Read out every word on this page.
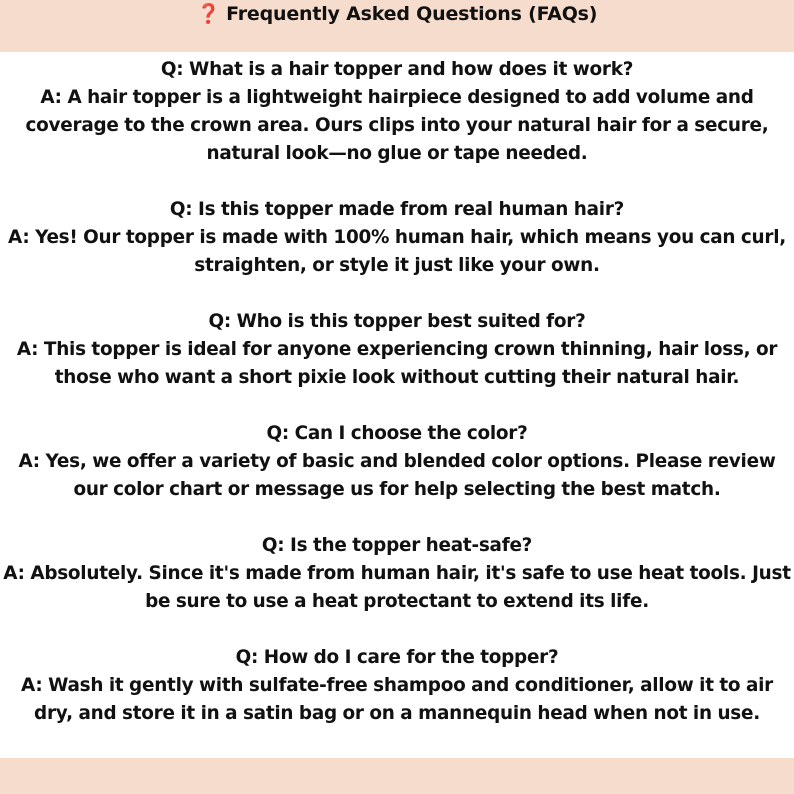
❓ Frequently Asked Questions (FAQs)
Q: What is a hair topper and how does it work?
A: A hair topper is a lightweight hairpiece designed to add volume and coverage to the crown area. Ours clips into your natural hair for a secure, natural look—no glue or tape needed.
Q: Is this topper made from real human hair?
A: Yes! Our topper is made with 100% human hair, which means you can curl, straighten, or style it just like your own.
Q: Who is this topper best suited for?
A: This topper is ideal for anyone experiencing crown thinning, hair loss, or those who want a short pixie look without cutting their natural hair.
Q: Can I choose the color?
A: Yes, we offer a variety of basic and blended color options. Please review our color chart or message us for help selecting the best match.
Q: Is the topper heat-safe?
A: Absolutely. Since it's made from human hair, it's safe to use heat tools. Just be sure to use a heat protectant to extend its life.
Q: How do I care for the topper?
A: Wash it gently with sulfate-free shampoo and conditioner, allow it to air dry, and store it in a satin bag or on a mannequin head when not in use.
